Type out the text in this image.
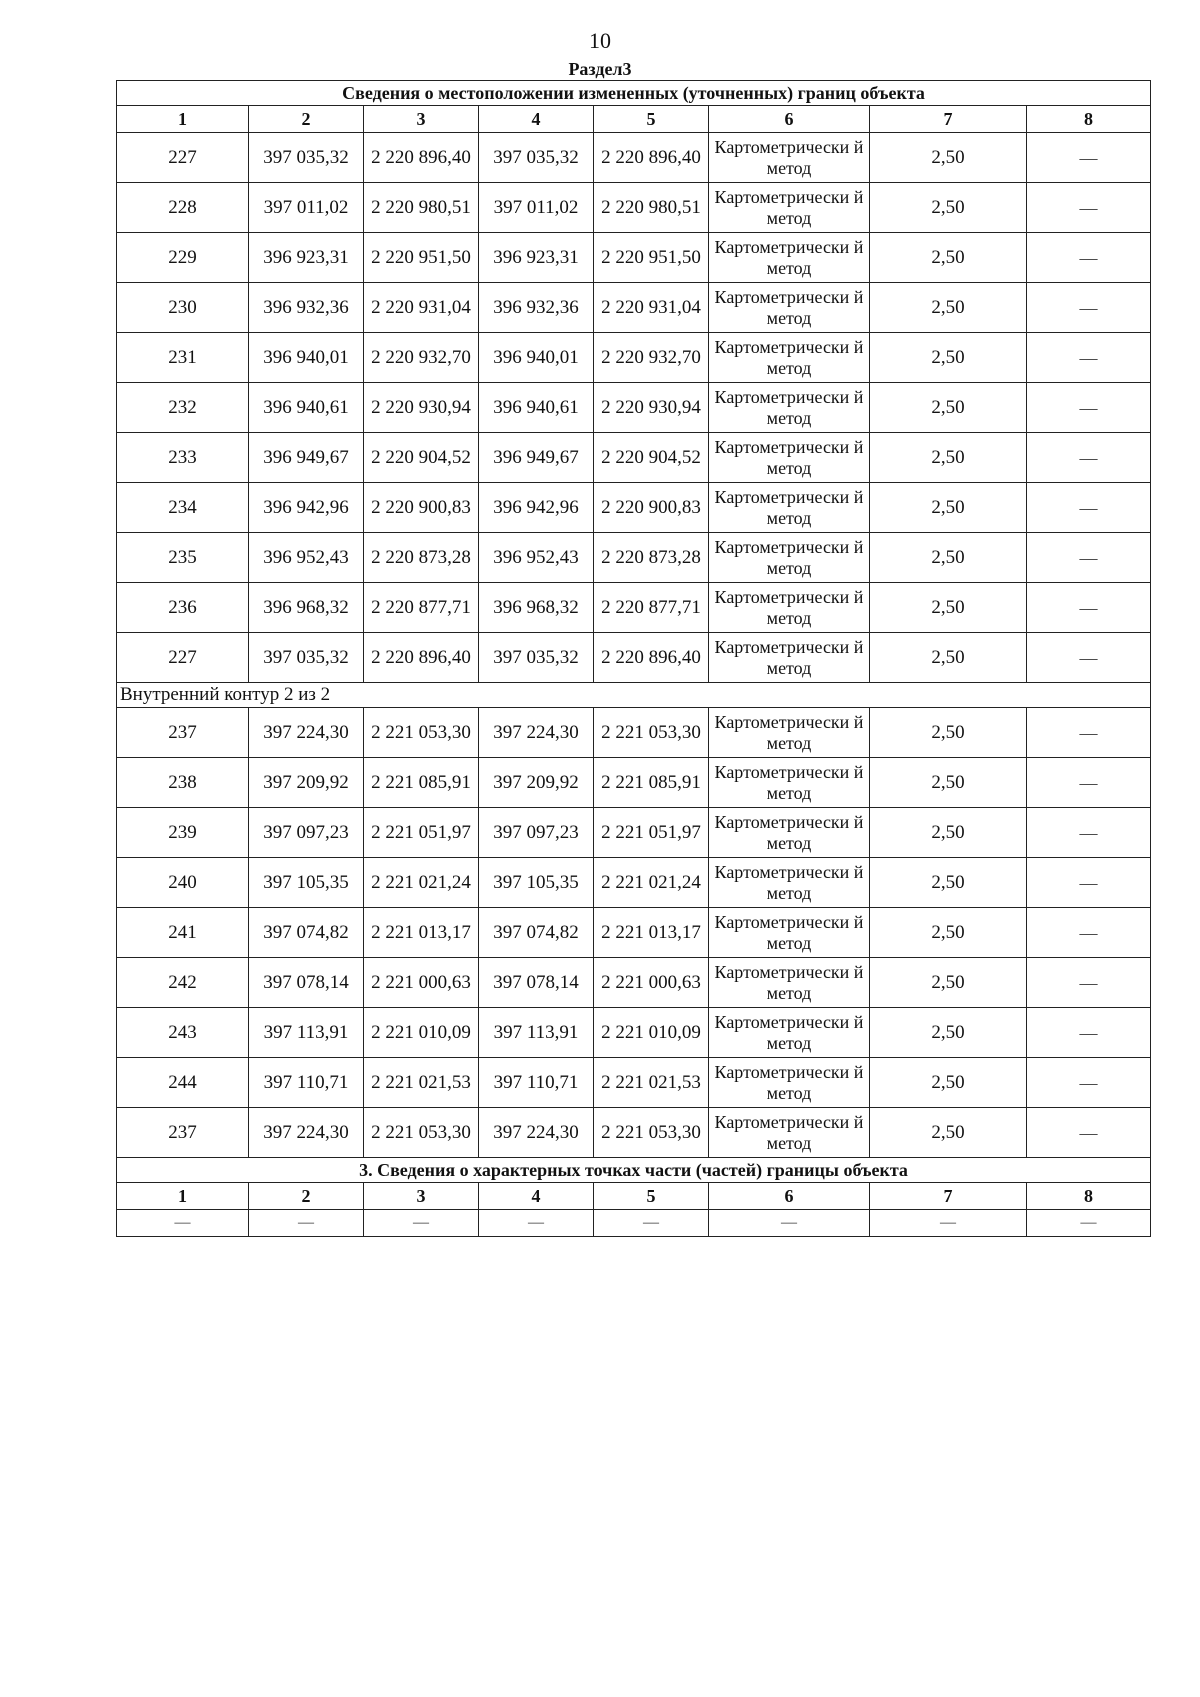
10
Раздел3
Сведения о местоположении измененных (уточненных) границ объекта							
1	2	3	4	5	6	7	8
227	397 035,32	2 220 896,40	397 035,32	2 220 896,40	Картометрически й метод	2,50	—
228	397 011,02	2 220 980,51	397 011,02	2 220 980,51	Картометрически й метод	2,50	—
229	396 923,31	2 220 951,50	396 923,31	2 220 951,50	Картометрически й метод	2,50	—
230	396 932,36	2 220 931,04	396 932,36	2 220 931,04	Картометрически й метод	2,50	—
231	396 940,01	2 220 932,70	396 940,01	2 220 932,70	Картометрически й метод	2,50	—
232	396 940,61	2 220 930,94	396 940,61	2 220 930,94	Картометрически й метод	2,50	—
233	396 949,67	2 220 904,52	396 949,67	2 220 904,52	Картометрически й метод	2,50	—
234	396 942,96	2 220 900,83	396 942,96	2 220 900,83	Картометрически й метод	2,50	—
235	396 952,43	2 220 873,28	396 952,43	2 220 873,28	Картометрически й метод	2,50	—
236	396 968,32	2 220 877,71	396 968,32	2 220 877,71	Картометрически й метод	2,50	—
227	397 035,32	2 220 896,40	397 035,32	2 220 896,40	Картометрически й метод	2,50	—
Внутренний контур 2 из 2							
237	397 224,30	2 221 053,30	397 224,30	2 221 053,30	Картометрически й метод	2,50	—
238	397 209,92	2 221 085,91	397 209,92	2 221 085,91	Картометрически й метод	2,50	—
239	397 097,23	2 221 051,97	397 097,23	2 221 051,97	Картометрически й метод	2,50	—
240	397 105,35	2 221 021,24	397 105,35	2 221 021,24	Картометрически й метод	2,50	—
241	397 074,82	2 221 013,17	397 074,82	2 221 013,17	Картометрически й метод	2,50	—
242	397 078,14	2 221 000,63	397 078,14	2 221 000,63	Картометрически й метод	2,50	—
243	397 113,91	2 221 010,09	397 113,91	2 221 010,09	Картометрически й метод	2,50	—
244	397 110,71	2 221 021,53	397 110,71	2 221 021,53	Картометрически й метод	2,50	—
237	397 224,30	2 221 053,30	397 224,30	2 221 053,30	Картометрически й метод	2,50	—
3. Сведения о характерных точках части (частей) границы объекта							
1	2	3	4	5	6	7	8
—	—	—	—	—	—	—	—
